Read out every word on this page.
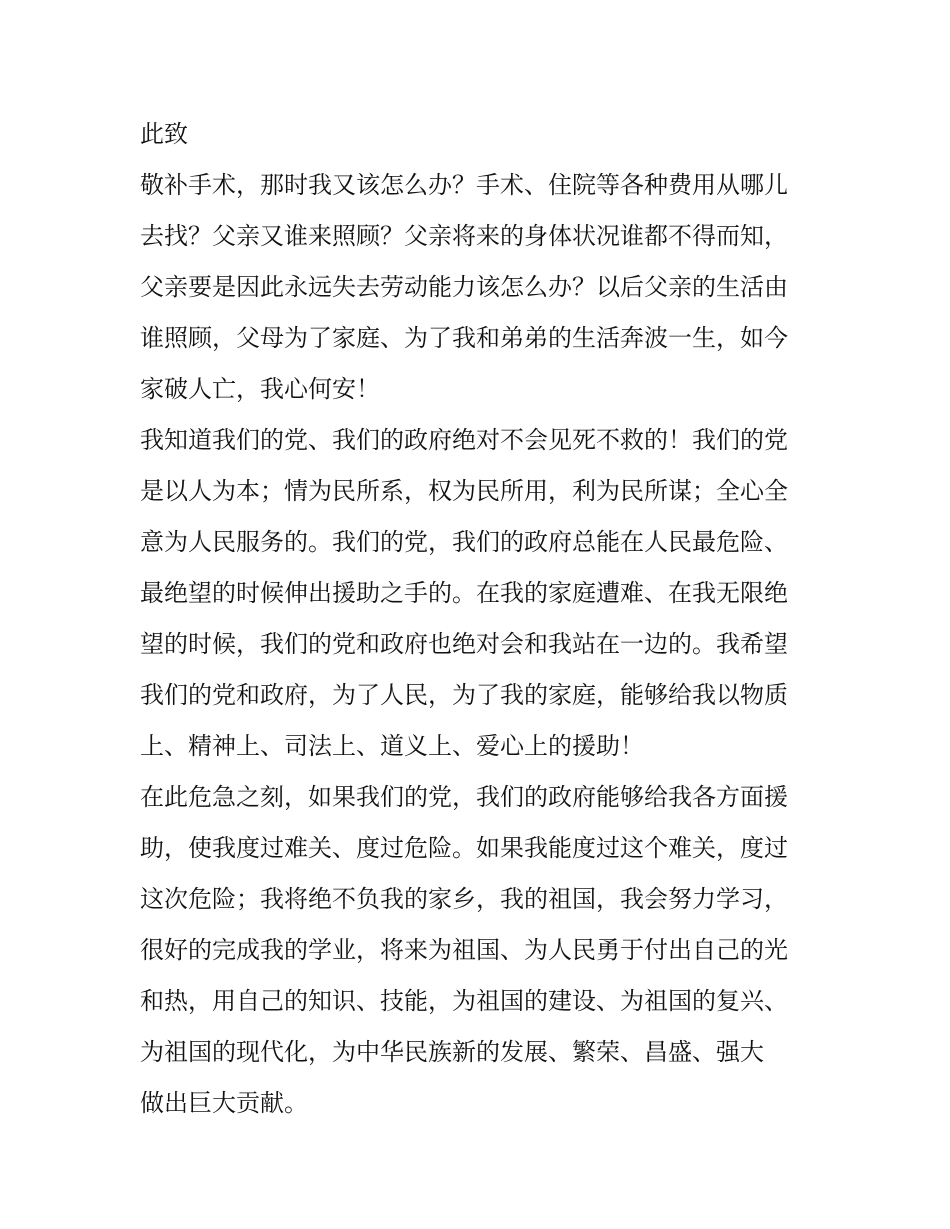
此致
敬补手术，那时我又该怎么办？手术、住院等各种费用从哪儿
去找？父亲又谁来照顾？父亲将来的身体状况谁都不得而知，
父亲要是因此永远失去劳动能力该怎么办？以后父亲的生活由
谁照顾，父母为了家庭、为了我和弟弟的生活奔波一生，如今
家破人亡，我心何安！
我知道我们的党、我们的政府绝对不会见死不救的！我们的党
是以人为本；情为民所系，权为民所用，利为民所谋；全心全
意为人民服务的。我们的党，我们的政府总能在人民最危险、
最绝望的时候伸出援助之手的。在我的家庭遭难、在我无限绝
望的时候，我们的党和政府也绝对会和我站在一边的。我希望
我们的党和政府，为了人民，为了我的家庭，能够给我以物质
上、精神上、司法上、道义上、爱心上的援助！
在此危急之刻，如果我们的党，我们的政府能够给我各方面援
助，使我度过难关、度过危险。如果我能度过这个难关，度过
这次危险；我将绝不负我的家乡，我的祖国，我会努力学习，
很好的完成我的学业，将来为祖国、为人民勇于付出自己的光
和热，用自己的知识、技能，为祖国的建设、为祖国的复兴、
为祖国的现代化，为中华民族新的发展、繁荣、昌盛、强大
做出巨大贡献。
